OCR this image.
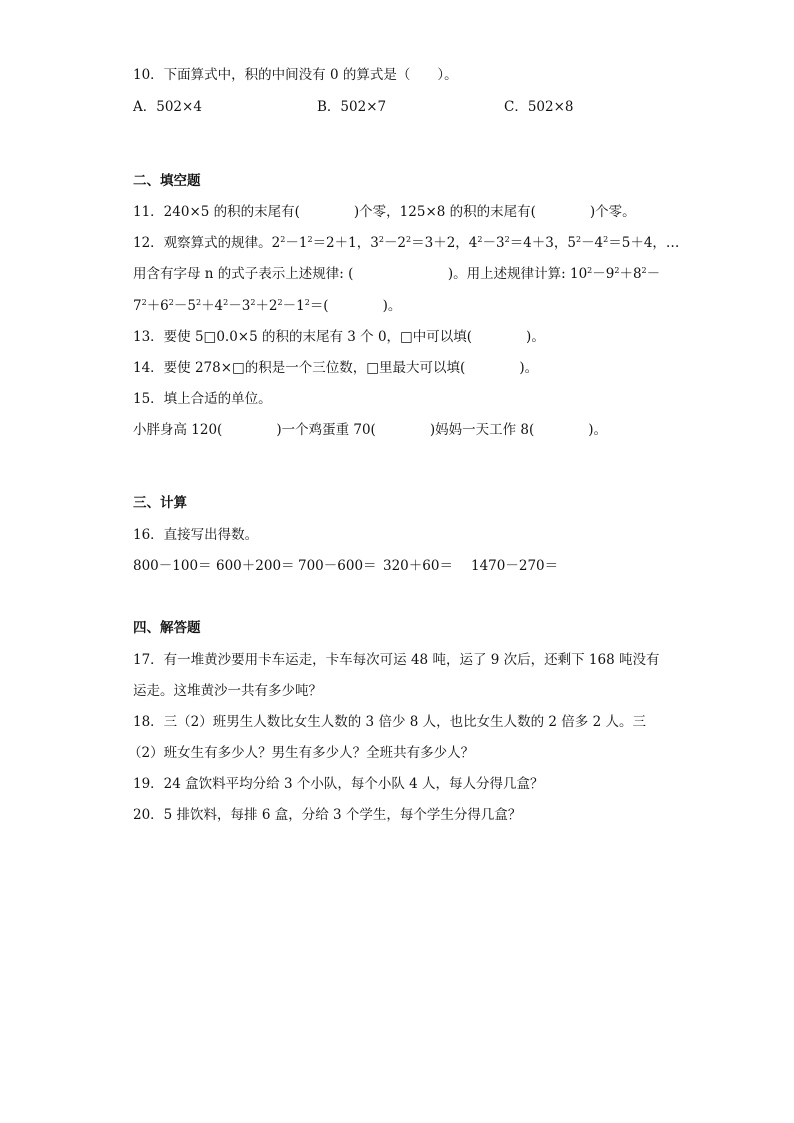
10．下面算式中，积的中间没有 0 的算式是（　　）。
A．502×4	B．502×7	C．502×8
二、填空题
11．240×5 的积的末尾有(　　　　)个零，125×8 的积的末尾有(　　　　)个零。
12．观察算式的规律。$2^2-1^2=2+1$，$3^2-2^2=3+2$，$4^2-3^2=4+3$，$5^2-4^2=5+4$，…
用含有字母 n 的式子表示上述规律: (　　　　　　　)。用上述规律计算: $10^2-9^2+8^2-$
$7^2+6^2-5^2+4^2-3^2+2^2-1^2=$(　　　　)。
13．要使 5□0.0×5 的积的末尾有 3 个 0，□中可以填(　　　　)。
14．要使 278×□的积是一个三位数，□里最大可以填(　　　　)。
15．填上合适的单位。
小胖身高 120(　　　　)一个鸡蛋重 70(　　　　)妈妈一天工作 8(　　　　)。
三、计算
16．直接写出得数。
800－100＝ 600＋200＝ 700－600＝ 320＋60＝ 1470－270＝
四、解答题
17．有一堆黄沙要用卡车运走，卡车每次可运 48 吨，运了 9 次后，还剩下 168 吨没有
运走。这堆黄沙一共有多少吨？
18．三（2）班男生人数比女生人数的 3 倍少 8 人，也比女生人数的 2 倍多 2 人。三
（2）班女生有多少人？男生有多少人？全班共有多少人？
19．24 盒饮料平均分给 3 个小队，每个小队 4 人，每人分得几盒？
20．5 排饮料，每排 6 盒，分给 3 个学生，每个学生分得几盒？
